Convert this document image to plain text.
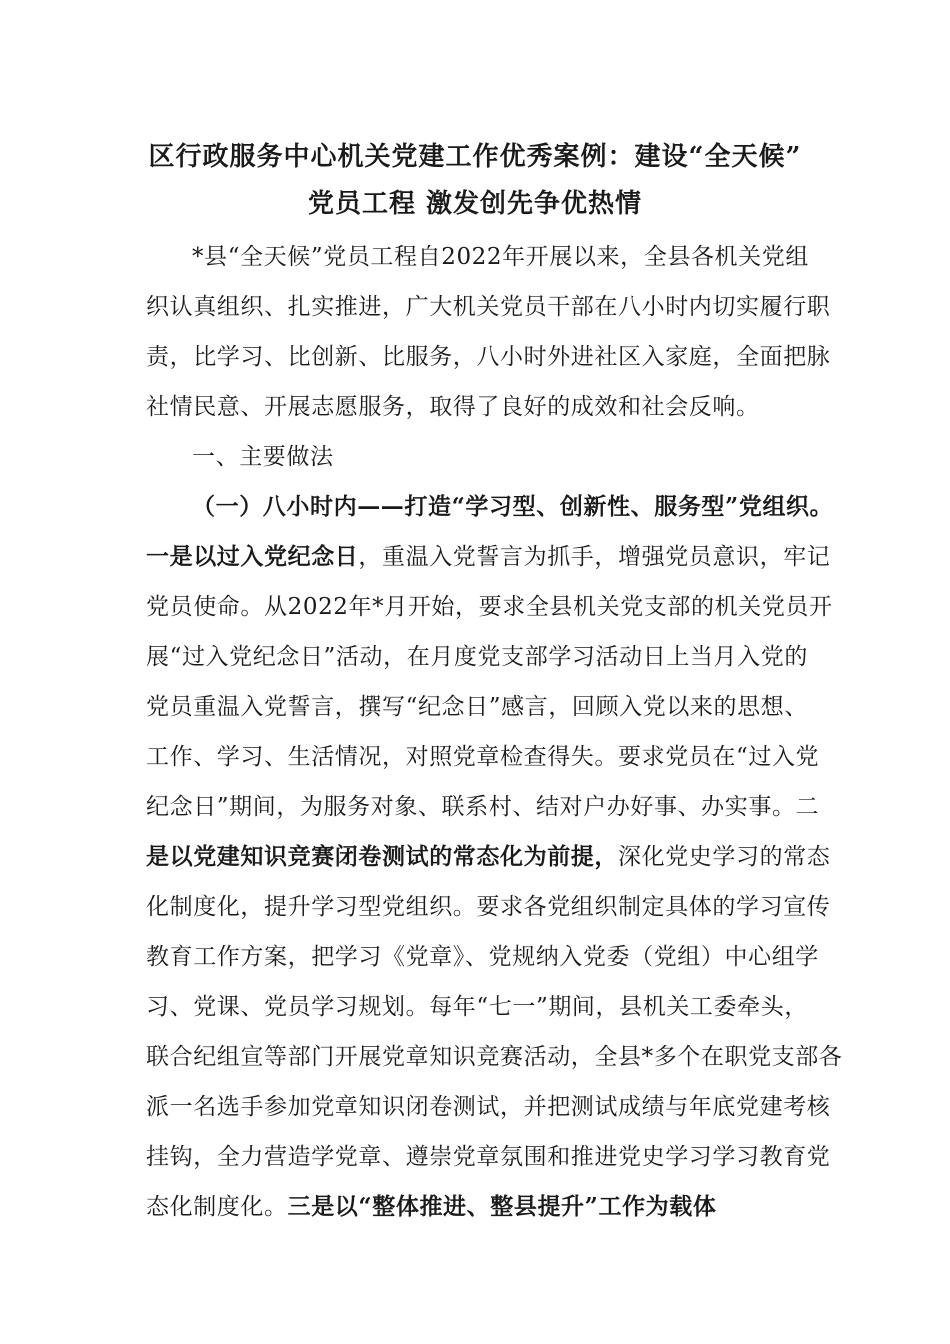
区行政服务中心机关党建工作优秀案例：建设“全天候”
党员工程 激发创先争优热情
*县“全天候”党员工程自2022年开展以来，全县各机关党组
织认真组织、扎实推进，广大机关党员干部在八小时内切实履行职
责，比学习、比创新、比服务，八小时外进社区入家庭，全面把脉
社情民意、开展志愿服务，取得了良好的成效和社会反响。
一、主要做法
（一）八小时内——打造“学习型、创新性、服务型”党组织。
一是以过入党纪念日，重温入党誓言为抓手，增强党员意识，牢记
党员使命。从2022年*月开始，要求全县机关党支部的机关党员开
展“过入党纪念日”活动，在月度党支部学习活动日上当月入党的
党员重温入党誓言，撰写“纪念日”感言，回顾入党以来的思想、
工作、学习、生活情况，对照党章检查得失。要求党员在“过入党
纪念日”期间，为服务对象、联系村、结对户办好事、办实事。二
是以党建知识竞赛闭卷测试的常态化为前提，深化党史学习的常态
化制度化，提升学习型党组织。要求各党组织制定具体的学习宣传
教育工作方案，把学习《党章》、党规纳入党委（党组）中心组学
习、党课、党员学习规划。每年“七一”期间，县机关工委牵头，
联合纪组宣等部门开展党章知识竞赛活动，全县*多个在职党支部各
派一名选手参加党章知识闭卷测试，并把测试成绩与年底党建考核
挂钩，全力营造学党章、遵崇党章氛围和推进党史学习学习教育党
态化制度化。三是以“整体推进、整县提升”工作为载体
